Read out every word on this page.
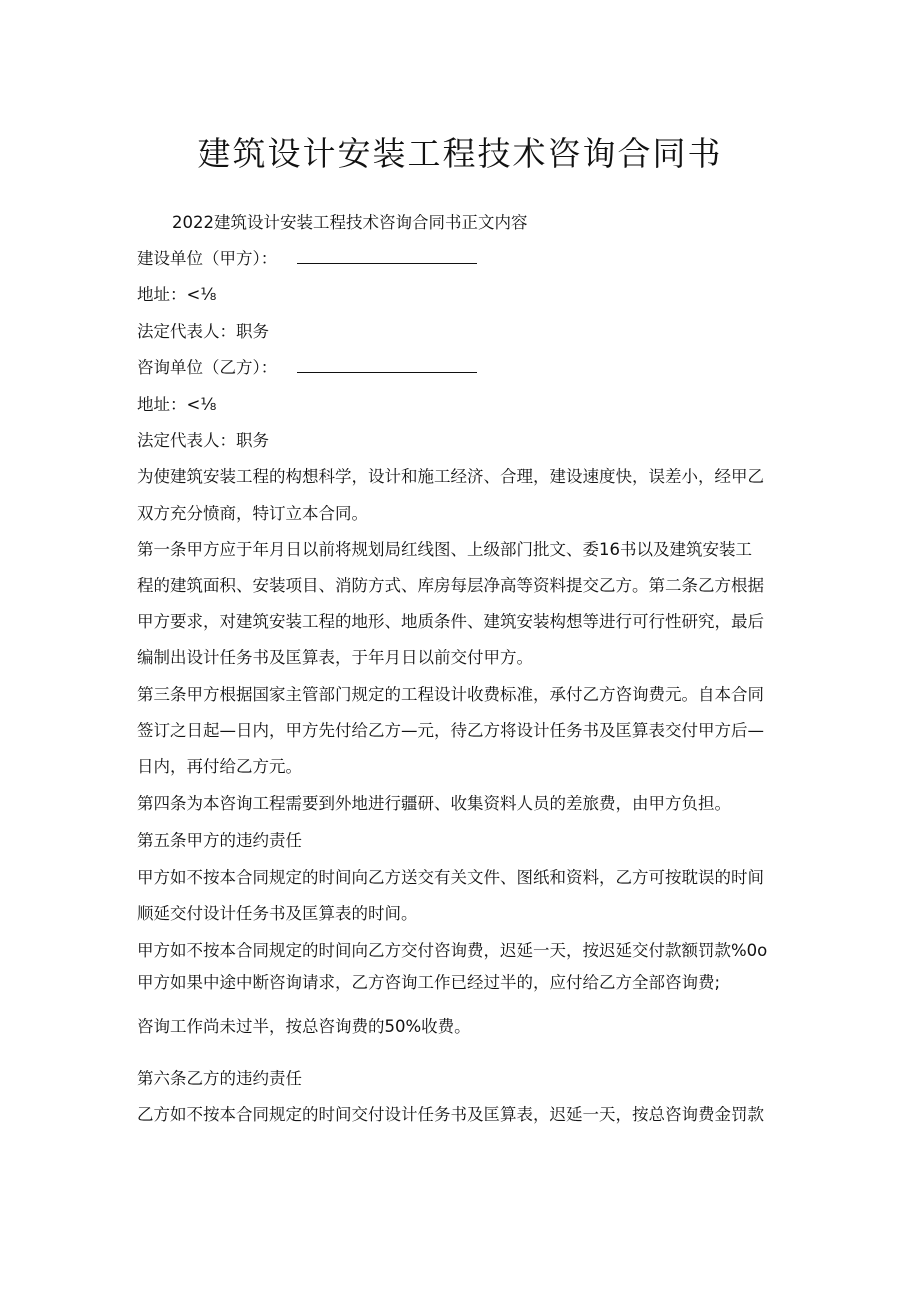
建筑设计安装工程技术咨询合同书
2022建筑设计安装工程技术咨询合同书正文内容
建设单位（甲方）：
地址：<⅛
法定代表人：职务
咨询单位（乙方）：
地址：<⅛
法定代表人：职务
为使建筑安装工程的构想科学，设计和施工经济、合理，建设速度快，误差小，经甲乙
双方充分愤商，特订立本合同。
第一条甲方应于年月日以前将规划局红线图、上级部门批文、委16书以及建筑安装工
程的建筑面积、安装项目、消防方式、库房每层净高等资料提交乙方。第二条乙方根据
甲方要求，对建筑安装工程的地形、地质条件、建筑安装构想等进行可行性研究，最后
编制出设计任务书及匡算表，于年月日以前交付甲方。
第三条甲方根据国家主管部门规定的工程设计收费标准，承付乙方咨询费元。自本合同
签订之日起—日内，甲方先付给乙方—元，待乙方将设计任务书及匡算表交付甲方后—
日内，再付给乙方元。
第四条为本咨询工程需要到外地进行疆研、收集资料人员的差旅费，由甲方负担。
第五条甲方的违约责任
甲方如不按本合同规定的时间向乙方送交有关文件、图纸和资料，乙方可按耽误的时间
顺延交付设计任务书及匡算表的时间。
甲方如不按本合同规定的时间向乙方交付咨询费，迟延一天，按迟延交付款额罚款%0o
甲方如果中途中断咨询请求，乙方咨询工作已经过半的，应付给乙方全部咨询费;
咨询工作尚未过半，按总咨询费的50%收费。
第六条乙方的违约责任
乙方如不按本合同规定的时间交付设计任务书及匡算表，迟延一天，按总咨询费金罚款
